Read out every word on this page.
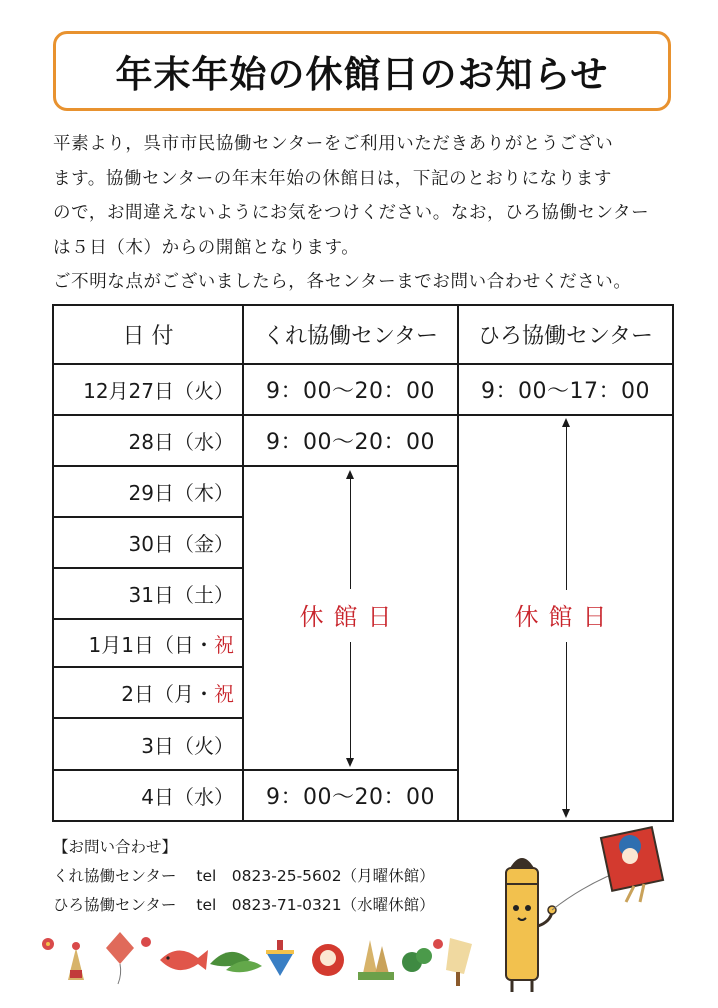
年末年始の休館日のお知らせ

平素より，呉市市民協働センターをご利用いただきありがとうござい

ます。協働センターの年末年始の休館日は，下記のとおりになります

ので，お間違えないようにお気をつけください。なお，ひろ協働センター

は５日（木）からの開館となります。

ご不明な点がございましたら，各センターまでお問い合わせください。

日 付	くれ協働センター	ひろ協働センター
12月27日（火）
28日（水）
29日（木）
30日（金）
31日（土）
1月1日（日・ 祝
2日（月・ 祝
3日（火）
4日（水）
9：00〜20：00
9：00〜20：00
休館日
9：00〜20：00
9：00〜17：00
休館日

【お問い合わせ】

くれ協働センター tel　0823-25-5602（月曜休館）

ひろ協働センター tel　0823-71-0321（水曜休館）
